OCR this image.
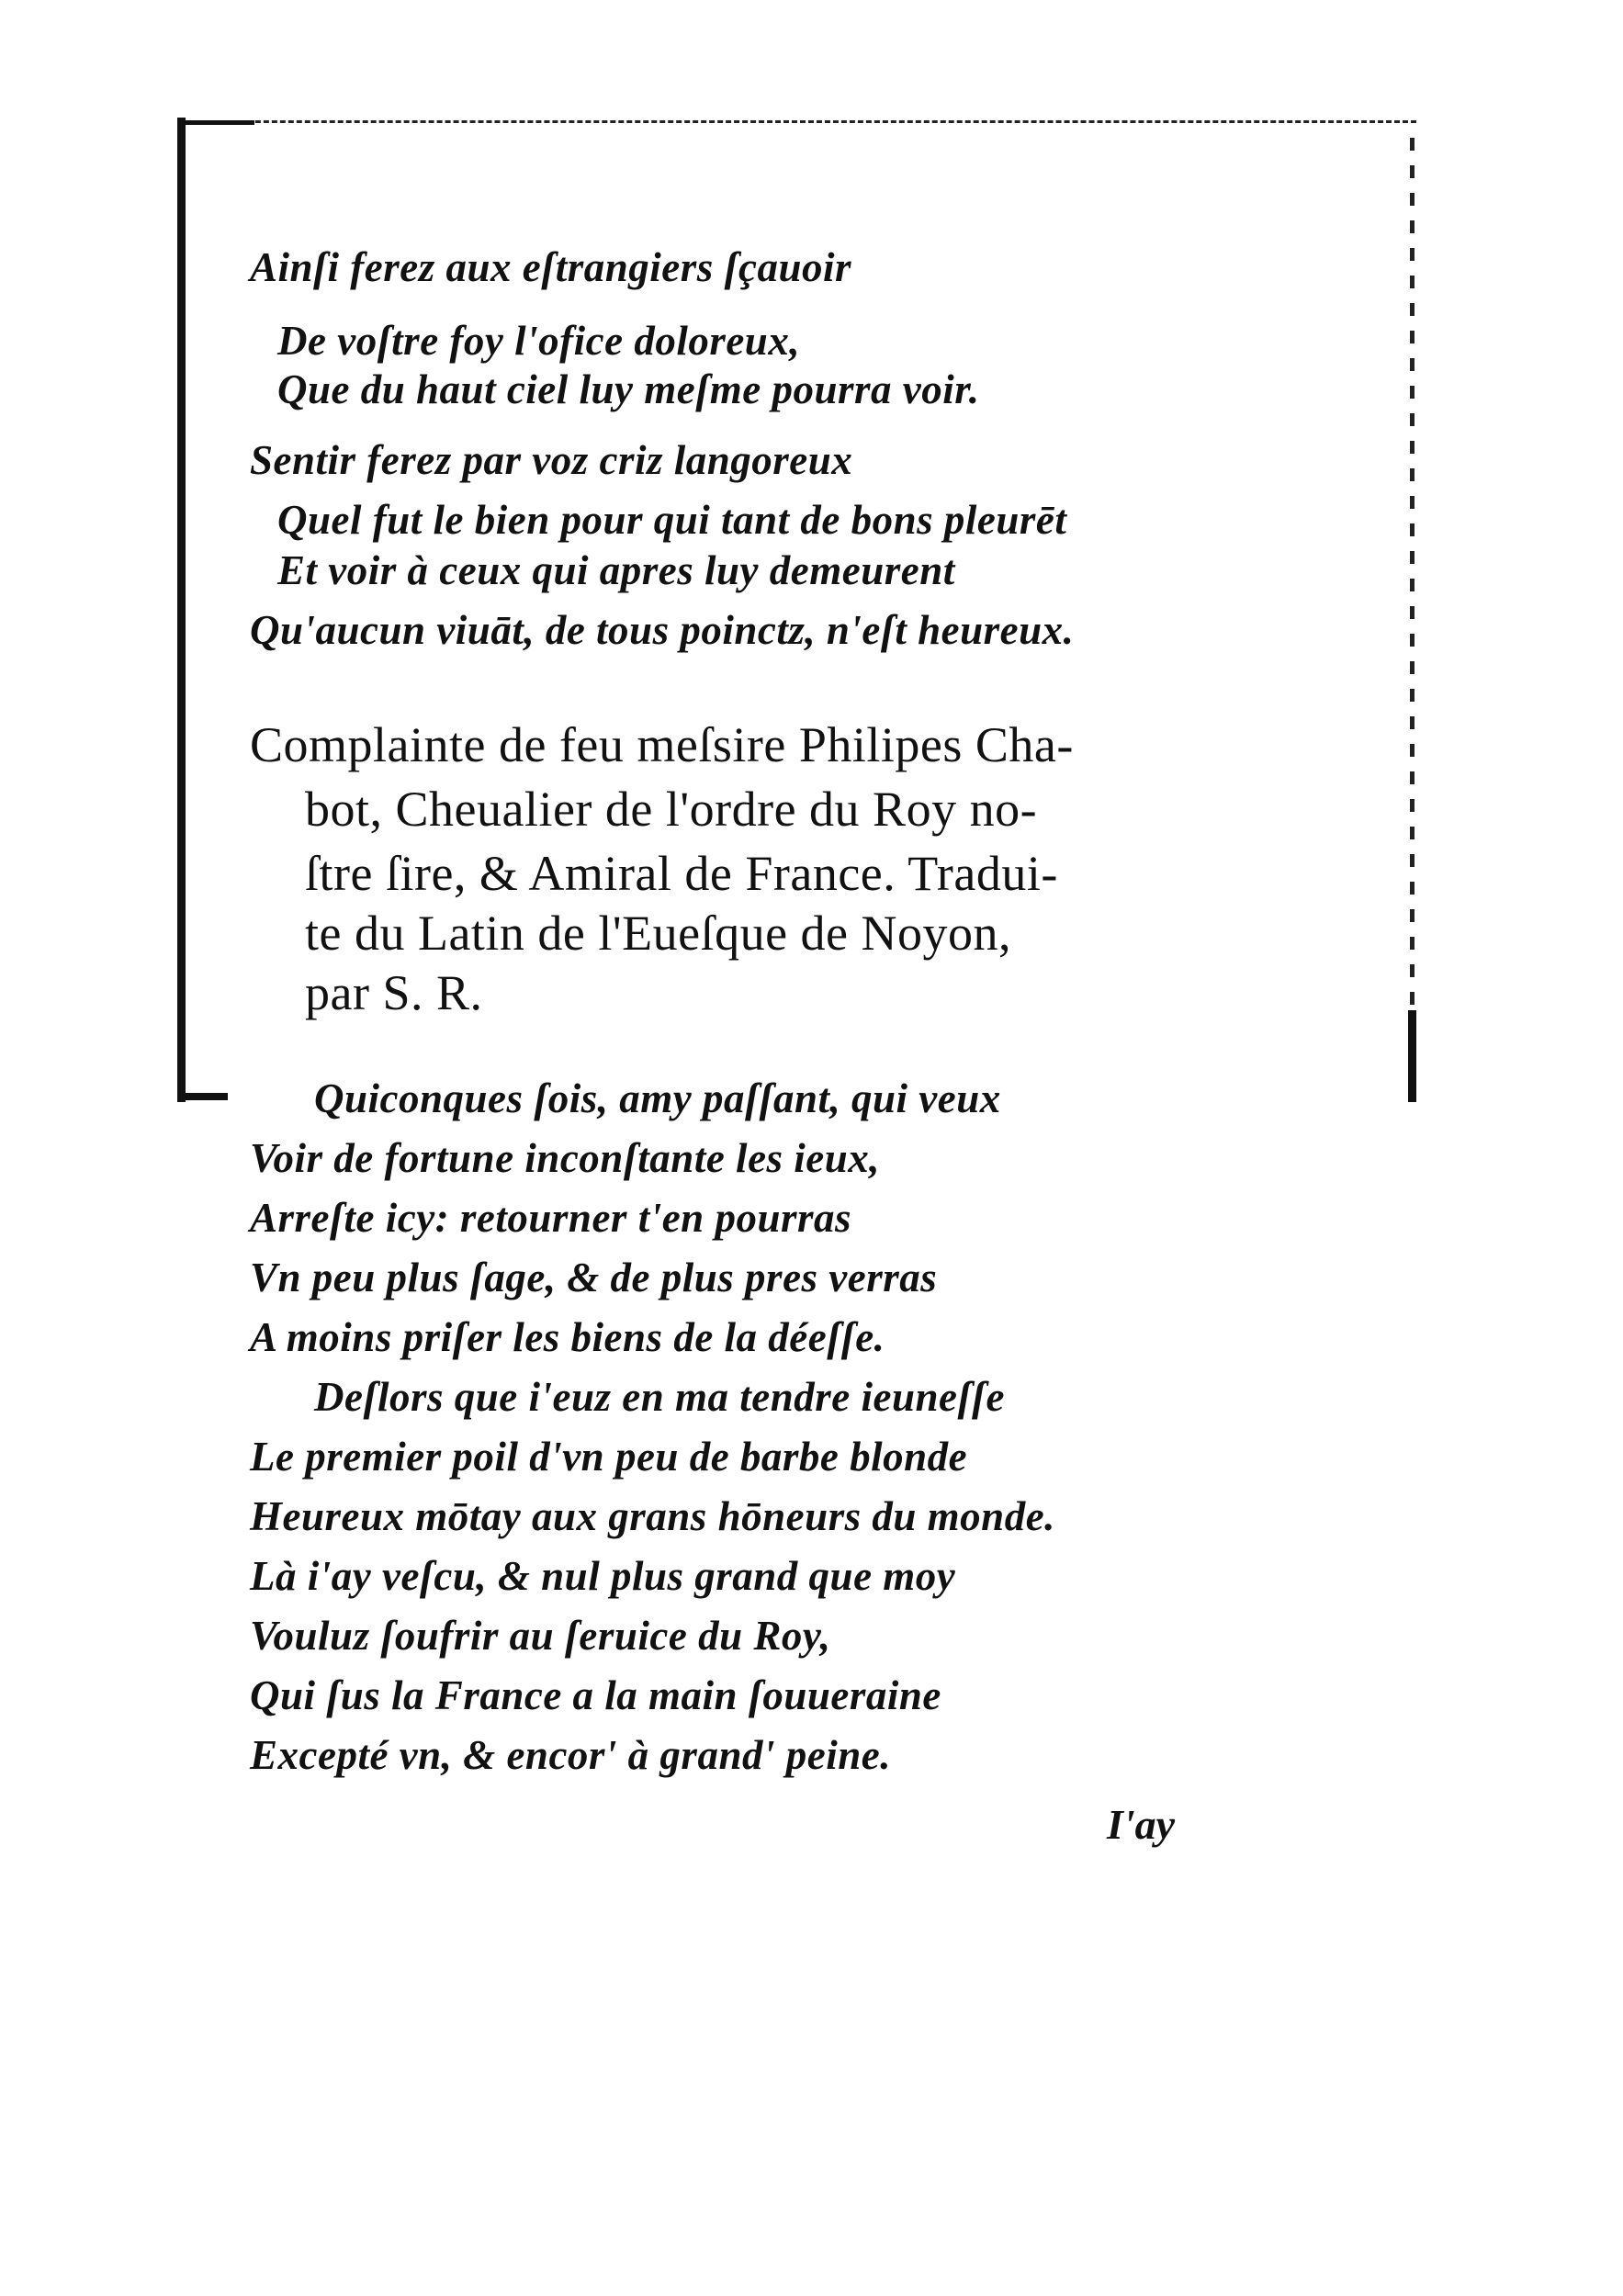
Ainſi ferez aux eſtrangiers ſçauoir

De voſtre foy l'ofice doloreux,

Que du haut ciel luy meſme pourra voir.

Sentir ferez par voz criz langoreux

Quel fut le bien pour qui tant de bons pleurēt

Et voir à ceux qui apres luy demeurent

Qu'aucun viuāt, de tous poinctz, n'eſt heureux.

Complainte de feu meſsire Philipes Cha-

bot, Cheualier de l'ordre du Roy no-

ſtre ſire, & Amiral de France. Tradui-

te du Latin de l'Eueſque de Noyon,

par S. R.

Quiconques ſois, amy paſſant, qui veux

Voir de fortune inconſtante les ieux,

Arreſte icy: retourner t'en pourras

Vn peu plus ſage, & de plus pres verras

A moins priſer les biens de la déeſſe.

Deſlors que i'euz en ma tendre ieuneſſe

Le premier poil d'vn peu de barbe blonde

Heureux mōtay aux grans hōneurs du monde.

Là i'ay veſcu, & nul plus grand que moy

Vouluz ſoufrir au ſeruice du Roy,

Qui ſus la France a la main ſouueraine

Excepté vn, & encor' à grand' peine.

I'ay
